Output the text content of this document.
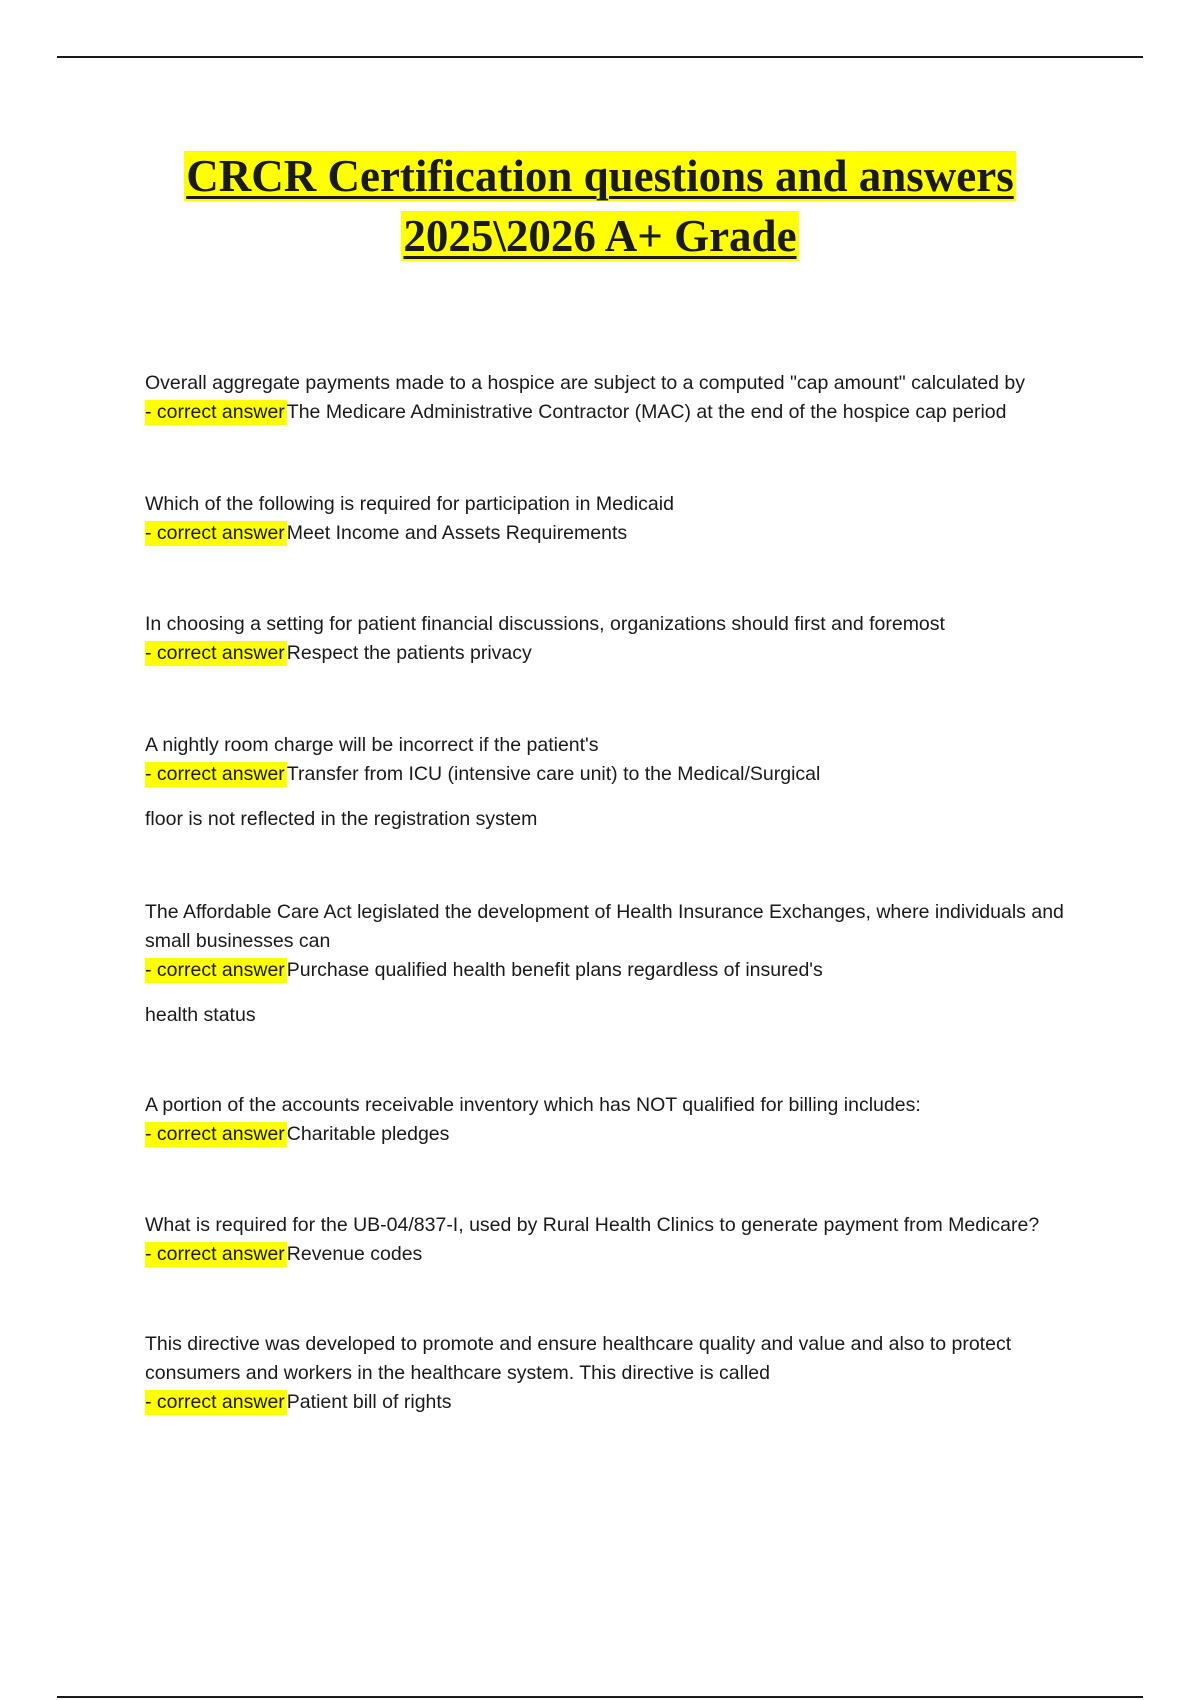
CRCR Certification questions and answers
2025\2026 A+ Grade

Overall aggregate payments made to a hospice are subject to a computed "cap amount" calculated by

- correct answer The Medicare Administrative Contractor (MAC) at the end of the hospice cap period

Which of the following is required for participation in Medicaid

- correct answer Meet Income and Assets Requirements

In choosing a setting for patient financial discussions, organizations should first and foremost

- correct answer Respect the patients privacy

A nightly room charge will be incorrect if the patient's

- correct answer Transfer from ICU (intensive care unit) to the Medical/Surgical

floor is not reflected in the registration system

The Affordable Care Act legislated the development of Health Insurance Exchanges, where individuals and small businesses can

- correct answer Purchase qualified health benefit plans regardless of insured's

health status

A portion of the accounts receivable inventory which has NOT qualified for billing includes:

- correct answer Charitable pledges

What is required for the UB-04/837-I, used by Rural Health Clinics to generate payment from Medicare?

- correct answer Revenue codes

This directive was developed to promote and ensure healthcare quality and value and also to protect consumers and workers in the healthcare system. This directive is called

- correct answer Patient bill of rights
